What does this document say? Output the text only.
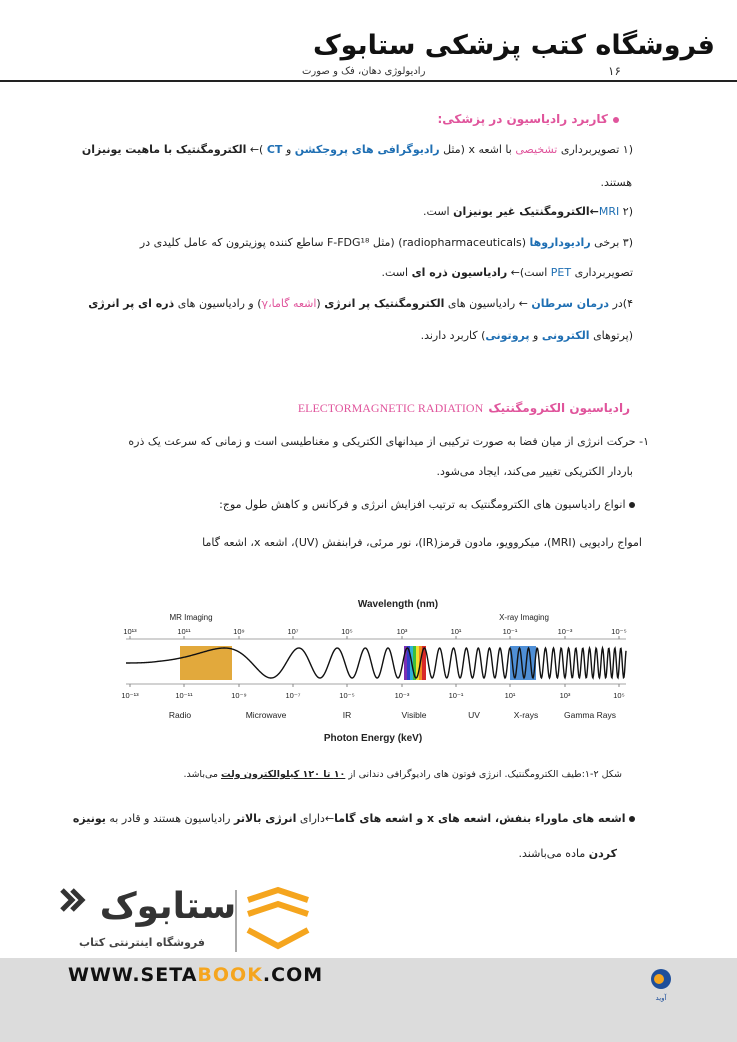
فروشگاه کتب پزشکی ستابوک
۱۶
رادیولوژی دهان، فک و صورت
کاربرد رادیاسیون در پزشکی:
(۱ تصویربرداری تشخیصی با اشعه x (مثل رادیوگرافی های پروجکشن و CT )← الکترومگنتیک با ماهیت یونیزان
هستند.
(۲ MRI←الکترومگنتیک غیر یونیزان است.
(۳ برخی رادیوداروها (radiopharmaceuticals) (مثل F-FDG¹⁸ ساطع کننده پوزیترون که عامل کلیدی در
تصویربرداری PET است)← رادیاسیون ذره ای است.
۴)در درمان سرطان ← رادیاسیون های الکترومگنتیک پر انرژی (اشعه گاما،γ) و رادیاسیون های ذره ای پر انرژی
(پرتوهای الکترونی و پروتونی) کاربرد دارند.
رادیاسیون الکترومگنتیک ELECTORMAGNETIC RADIATION
۱- حرکت انرژی از میان فضا به صورت ترکیبی از میدانهای الکتریکی و مغناطیسی است و زمانی که سرعت یک ذره
باردار الکتریکی تغییر می‌کند، ایجاد می‌شود.
انواع رادیاسیون های الکترومگنتیک به ترتیب افزایش انرژی و فرکانس و کاهش طول موج:
امواج رادیویی (MRI)، میکروویو، مادون قرمز(IR)، نور مرئی، فرابنفش (UV)، اشعه x، اشعه گاما
Wavelength (nm)
MR Imaging	X-ray Imaging
10¹³	10¹¹	10⁹	10⁷	10⁵	10³	10¹	10⁻¹	10⁻³	10⁻⁵
10⁻¹³	10⁻¹¹	10⁻⁹	10⁻⁷	10⁻⁵	10⁻³	10⁻¹	10¹	10³	10⁵
Radio	Microwave	IR	Visible	UV	X-rays	Gamma Rays
Photon Energy (keV)
شکل ۲-۱:طیف الکترومگنتیک. انرژی فوتون های رادیوگرافی دندانی از ۱۰ تا ۱۲۰ کیلوالکترون ولت می‌باشد.
اشعه های ماوراء بنفش، اشعه های x و اشعه های گاما←دارای انرژی بالاتر رادیاسیون هستند و قادر به یونیزه
کردن ماده می‌باشند.
ستابوک
فروشگاه اینترنتی کتاب
WWW.SETABOOK.COM
آوید
